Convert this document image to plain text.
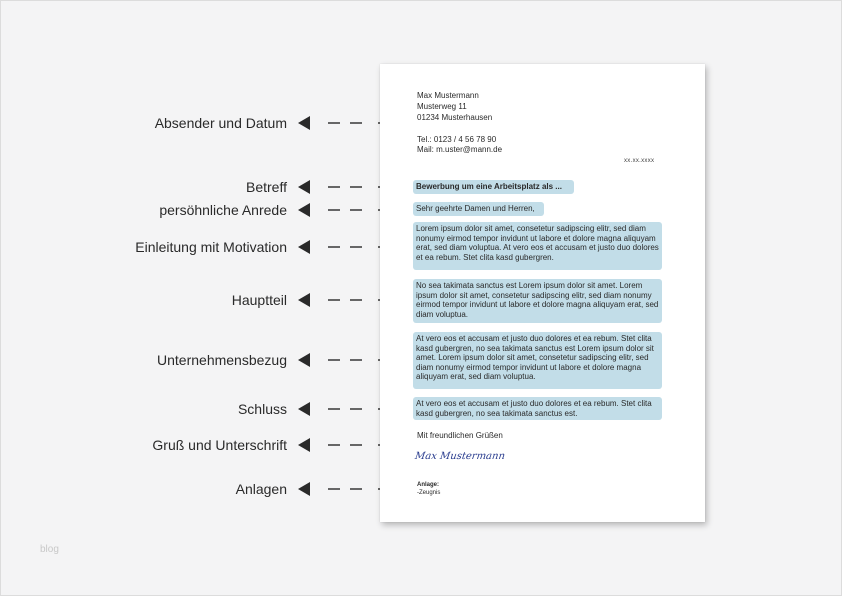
Absender und Datum
Betreff
persöhnliche Anrede
Einleitung mit Motivation
Hauptteil
Unternehmensbezug
Schluss
Gruß und Unterschrift
Anlagen
Max Mustermann
Musterweg 11
01234 Musterhausen
Tel.: 0123 / 4 56 78 90
Mail: m.uster@mann.de
xx.xx.xxxx
Bewerbung um eine Arbeitsplatz als ...
Sehr geehrte Damen und Herren,
Lorem ipsum dolor sit amet, consetetur sadipscing elitr, sed diam nonumy eirmod tempor invidunt ut labore et dolore magna aliquyam erat, sed diam voluptua. At vero eos et accusam et justo duo dolores et ea rebum. Stet clita kasd gubergren.
No sea takimata sanctus est Lorem ipsum dolor sit amet. Lorem ipsum dolor sit amet, consetetur sadipscing elitr, sed diam nonumy eirmod tempor invidunt ut labore et dolore magna aliquyam erat, sed diam voluptua.
At vero eos et accusam et justo duo dolores et ea rebum. Stet clita kasd gubergren, no sea takimata sanctus est Lorem ipsum dolor sit amet. Lorem ipsum dolor sit amet, consetetur sadipscing elitr, sed diam nonumy eirmod tempor invidunt ut labore et dolore magna aliquyam erat, sed diam voluptua.
At vero eos et accusam et justo duo dolores et ea rebum. Stet clita kasd gubergren, no sea takimata sanctus est.
Mit freundlichen Grüßen
Max Mustermann
Anlage:
-Zeugnis
blog
